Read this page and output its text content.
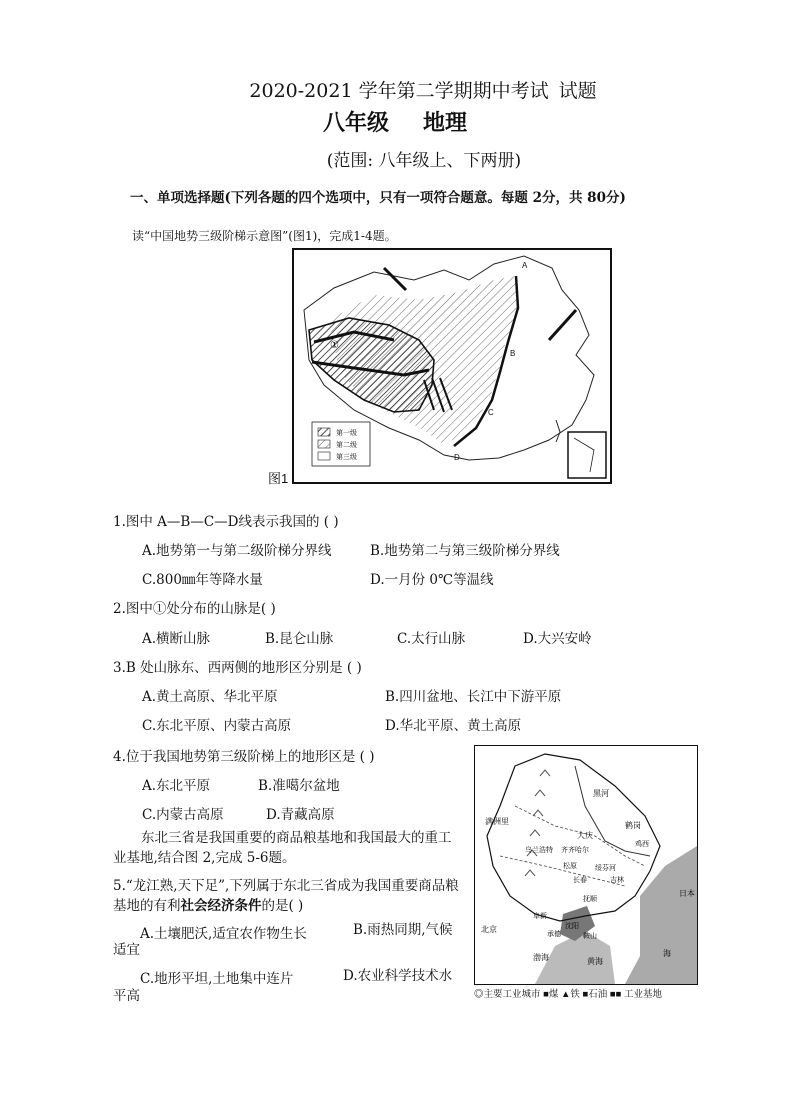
2020-2021 学年第二学期期中考试 试题
八年级 地理
(范围: 八年级上、下两册)
一、单项选择题(下列各题的四个选项中，只有一项符合题意。每题 2分，共 80分)
读“中国地势三级阶梯示意图”(图1)，完成1-4题。
①
A
B
C
D
第一级
第二级
第三级
图1
1.图中 A—B—C—D线表示我国的 ( )
A.地势第一与第二级阶梯分界线	B.地势第二与第三级阶梯分界线
C.800㎜年等降水量	D.一月份 0℃等温线
2.图中①处分布的山脉是( )
A.横断山脉	B.昆仑山脉	C.太行山脉	D.大兴安岭
3.B 处山脉东、西两侧的地形区分别是 ( )
A.黄土高原、华北平原	B.四川盆地、长江中下游平原
C.东北平原、内蒙古高原	D.华北平原、黄土高原
4.位于我国地势第三级阶梯上的地形区是 ( )
A.东北平原	B.准噶尔盆地
C.内蒙古高原	D.青藏高原
东北三省是我国重要的商品粮基地和我国最大的重工业基地,结合图 2,完成 5-6题。
5.“龙江熟,天下足”,下列属于东北三省成为我国重要商品粮基地的有利社会经济条件的是( )
A.土壤肥沃,适宜农作物生长	B.雨热同期,气候适宜
C.地形平坦,土地集中连片	D.农业科学技术水平高
黑河
满洲里	鹤岗
大庆
乌兰浩特 齐齐哈尔
鸡西
松原	绥芬河
吉林
长春
阜新
抚顺
沈阳
承德	鞍山
北京
渤海	黄海
日本
海
◎主要工业城市 ■煤 ▲铁 ■石油 ■■ 工业基地
